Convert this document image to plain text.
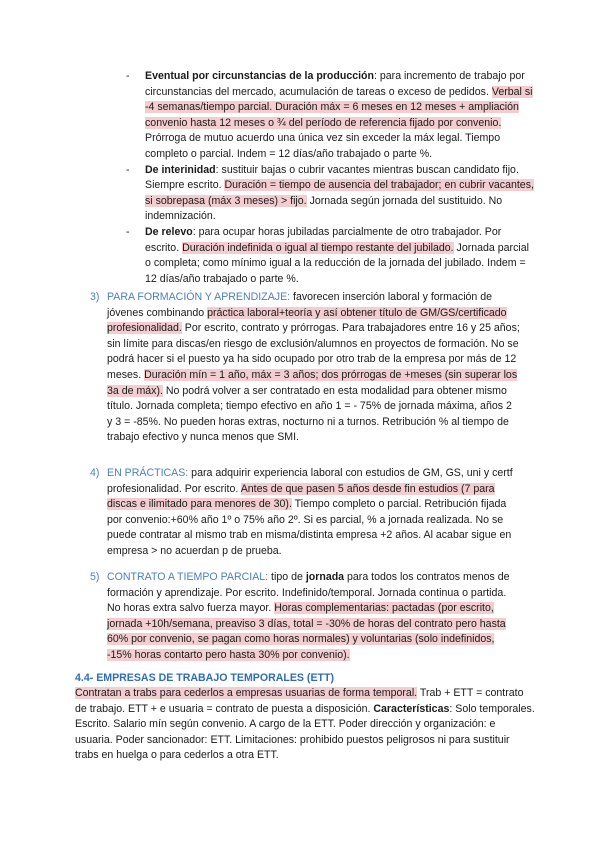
- Eventual por circunstancias de la producción: para incremento de trabajo por circunstancias del mercado, acumulación de tareas o exceso de pedidos. Verbal si -4 semanas/tiempo parcial. Duración máx = 6 meses en 12 meses + ampliación convenio hasta 12 meses o ¾ del período de referencia fijado por convenio. Prórroga de mutuo acuerdo una única vez sin exceder la máx legal. Tiempo completo o parcial. Indem = 12 días/año trabajado o parte %.

- De interinidad: sustituir bajas o cubrir vacantes mientras buscan candidato fijo. Siempre escrito. Duración = tiempo de ausencia del trabajador; en cubrir vacantes, si sobrepasa (máx 3 meses) > fijo. Jornada según jornada del sustituido. No indemnización.

- De relevo: para ocupar horas jubiladas parcialmente de otro trabajador. Por escrito. Duración indefinida o igual al tiempo restante del jubilado. Jornada parcial o completa; como mínimo igual a la reducción de la jornada del jubilado. Indem = 12 días/año trabajado o parte %.

3) PARA FORMACIÓN Y APRENDIZAJE: favorecen inserción laboral y formación de jóvenes combinando práctica laboral+teoría y así obtener título de GM/GS/certificado profesionalidad. Por escrito, contrato y prórrogas. Para trabajadores entre 16 y 25 años; sin límite para discas/en riesgo de exclusión/alumnos en proyectos de formación. No se podrá hacer si el puesto ya ha sido ocupado por otro trab de la empresa por más de 12 meses. Duración mín = 1 año, máx = 3 años; dos prórrogas de +meses (sin superar los 3a de máx). No podrá volver a ser contratado en esta modalidad para obtener mismo título. Jornada completa; tiempo efectivo en año 1 = - 75% de jornada máxima, años 2 y 3 = -85%. No pueden horas extras, nocturno ni a turnos. Retribución % al tiempo de trabajo efectivo y nunca menos que SMI.

4) EN PRÁCTICAS: para adquirir experiencia laboral con estudios de GM, GS, uni y certf profesionalidad. Por escrito. Antes de que pasen 5 años desde fin estudios (7 para discas e ilimitado para menores de 30). Tiempo completo o parcial. Retribución fijada por convenio:+60% año 1º o 75% año 2º. Si es parcial, % a jornada realizada. No se puede contratar al mismo trab en misma/distinta empresa +2 años. Al acabar sigue en empresa > no acuerdan p de prueba.

5) CONTRATO A TIEMPO PARCIAL: tipo de jornada para todos los contratos menos de formación y aprendizaje. Por escrito. Indefinido/temporal. Jornada continua o partida. No horas extra salvo fuerza mayor. Horas complementarias: pactadas (por escrito, jornada +10h/semana, preaviso 3 días, total = -30% de horas del contrato pero hasta 60% por convenio, se pagan como horas normales) y voluntarias (solo indefinidos, -15% horas contarto pero hasta 30% por convenio).

4.4- EMPRESAS DE TRABAJO TEMPORALES (ETT)

Contratan a trabs para cederlos a empresas usuarias de forma temporal. Trab + ETT = contrato de trabajo. ETT + e usuaria = contrato de puesta a disposición. Características: Solo temporales. Escrito. Salario mín según convenio. A cargo de la ETT. Poder dirección y organización: e usuaria. Poder sancionador: ETT. Limitaciones: prohibido puestos peligrosos ni para sustituir trabs en huelga o para cederlos a otra ETT.
